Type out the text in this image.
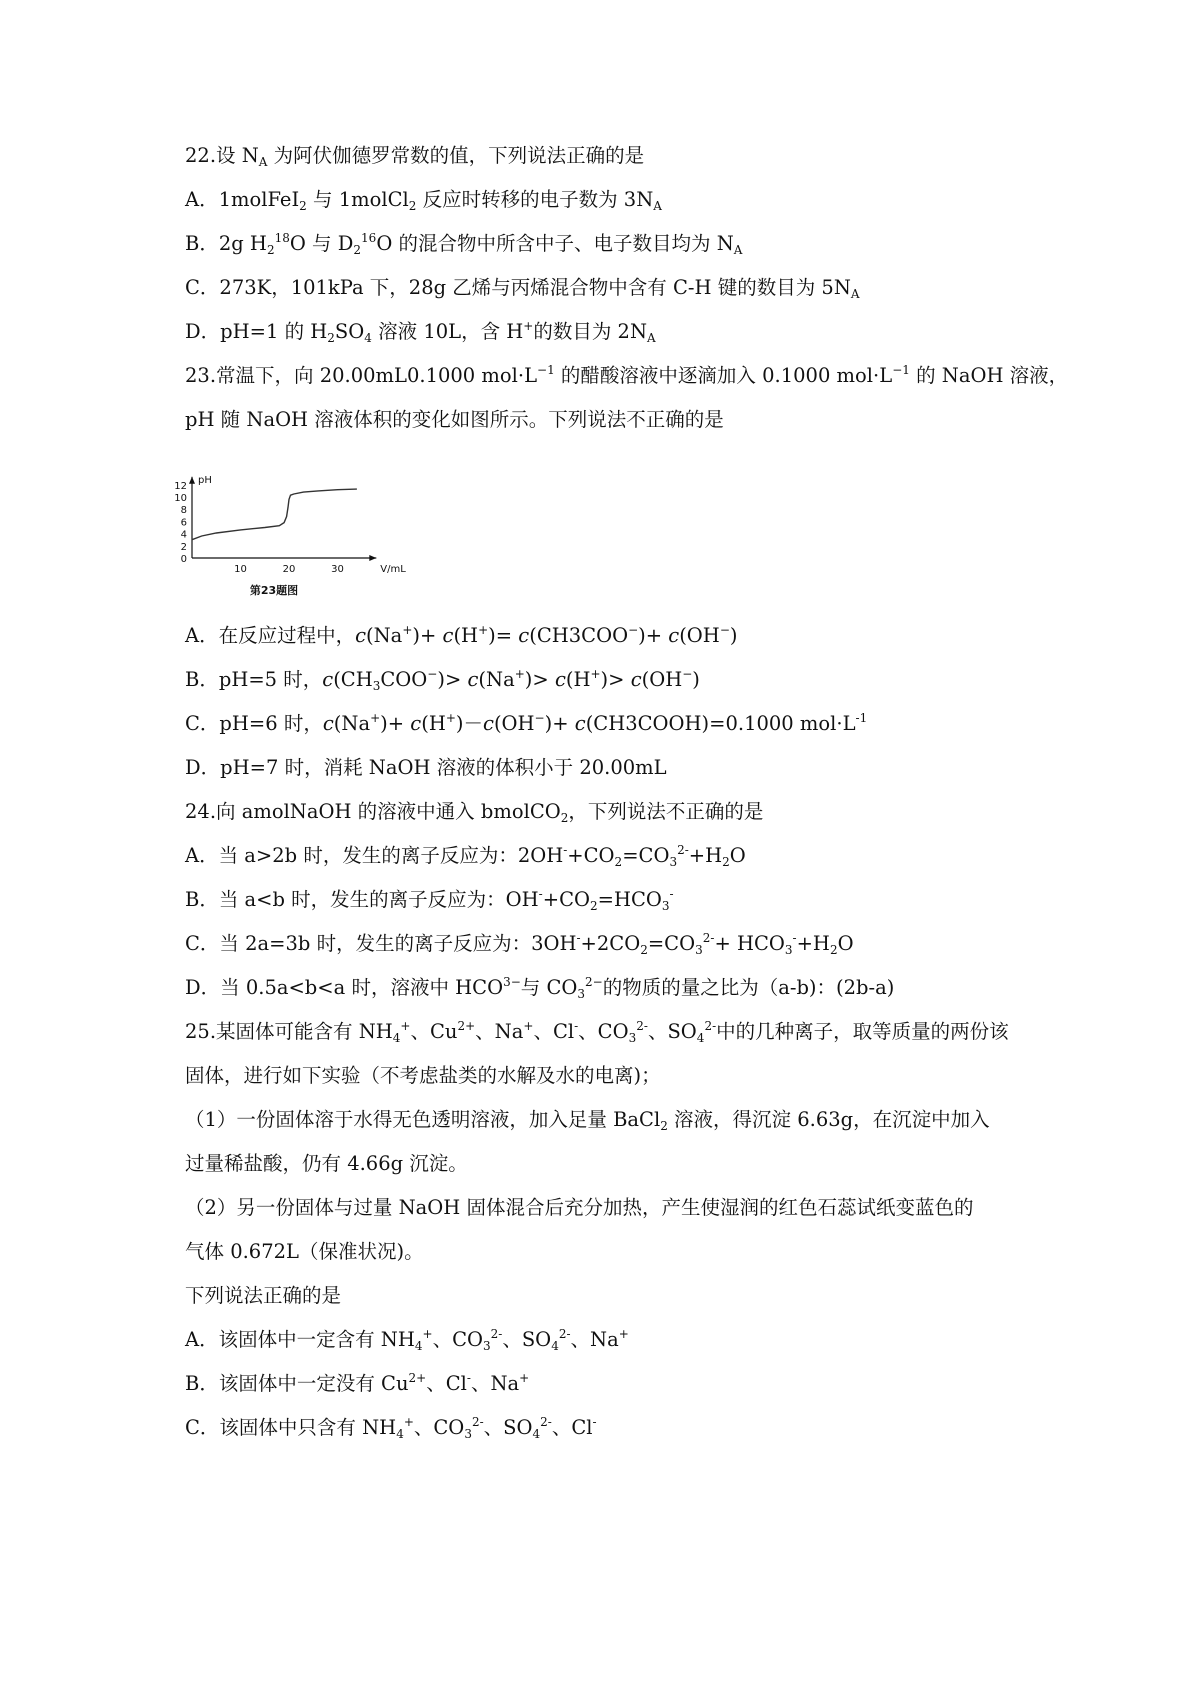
22.设 $N_A$ 为阿伏伽德罗常数的值，下列说法正确的是
A．1molFeI$_2$ 与 1molCl$_2$ 反应时转移的电子数为 $3N_A$
B．2g $H_2^{18}O$ 与 $D_2^{16}O$ 的混合物中所含中子、电子数目均为 $N_A$
C．273K，101kPa 下，28g 乙烯与丙烯混合物中含有 C-H 键的数目为 $5N_A$
D．pH=1 的 $H_2SO_4$ 溶液 10L，含 H+的数目为 $2N_A$
23.常温下，向 20.00mL0.1000 $mol\cdot L^{-1}$ 的醋酸溶液中逐滴加入 0.1000 $mol\cdot L^{-1}$ 的 NaOH 溶液，
pH 随 NaOH 溶液体积的变化如图所示。下列说法不正确的是
pH
V/mL
0
2
4
6
8
10
12
10	20	30
第23题图
A．在反应过程中，c(Na+)+ c(H+)= c(CH3COO−)+ c(OH−)
B．pH=5 时，$c(CH_3COO^-)> c(Na^+)> c(H^+)> c(OH^-)$
C．pH=6 时，c(Na+)+ c(H+)－c(OH−)+ c(CH3COOH)=0.1000 $mol\cdot L^{-1}$
D．pH=7 时，消耗 NaOH 溶液的体积小于 20.00mL
24.向 amolNaOH 的溶液中通入 bmolCO$_2$，下列说法不正确的是
A．当 a>2b 时，发生的离子反应为：$2OH^-+CO_2=CO_3^{2-}+H_2O$
B．当 a<b 时，发生的离子反应为：$OH^-+CO_2=HCO_3^-$
C．当 2a=3b 时，发生的离子反应为：$3OH^-+2CO_2=CO_3^{2-}+ HCO_3^-+H_2O$
D．当 0.5a<b<a 时，溶液中 $HCO^{3-}$与 $CO_3^{2-}$的物质的量之比为（a-b)：(2b-a)
25.某固体可能含有 $NH_4^+$、$Cu^{2+}$、Na+、Cl-、$CO_3^{2-}$、$SO_4^{2-}$中的几种离子，取等质量的两份该
固体，进行如下实验（不考虑盐类的水解及水的电离)；
（1）一份固体溶于水得无色透明溶液，加入足量 BaCl$_2$ 溶液，得沉淀 6.63g，在沉淀中加入
过量稀盐酸，仍有 4.66g 沉淀。
（2）另一份固体与过量 NaOH 固体混合后充分加热，产生使湿润的红色石蕊试纸变蓝色的
气体 0.672L（保准状况)。
下列说法正确的是
A．该固体中一定含有 $NH_4^+$、$CO_3^{2-}$、$SO_4^{2-}$、Na+
B．该固体中一定没有 $Cu^{2+}$、Cl-、Na+
C．该固体中只含有 $NH_4^+$、$CO_3^{2-}$、$SO_4^{2-}$、Cl-
